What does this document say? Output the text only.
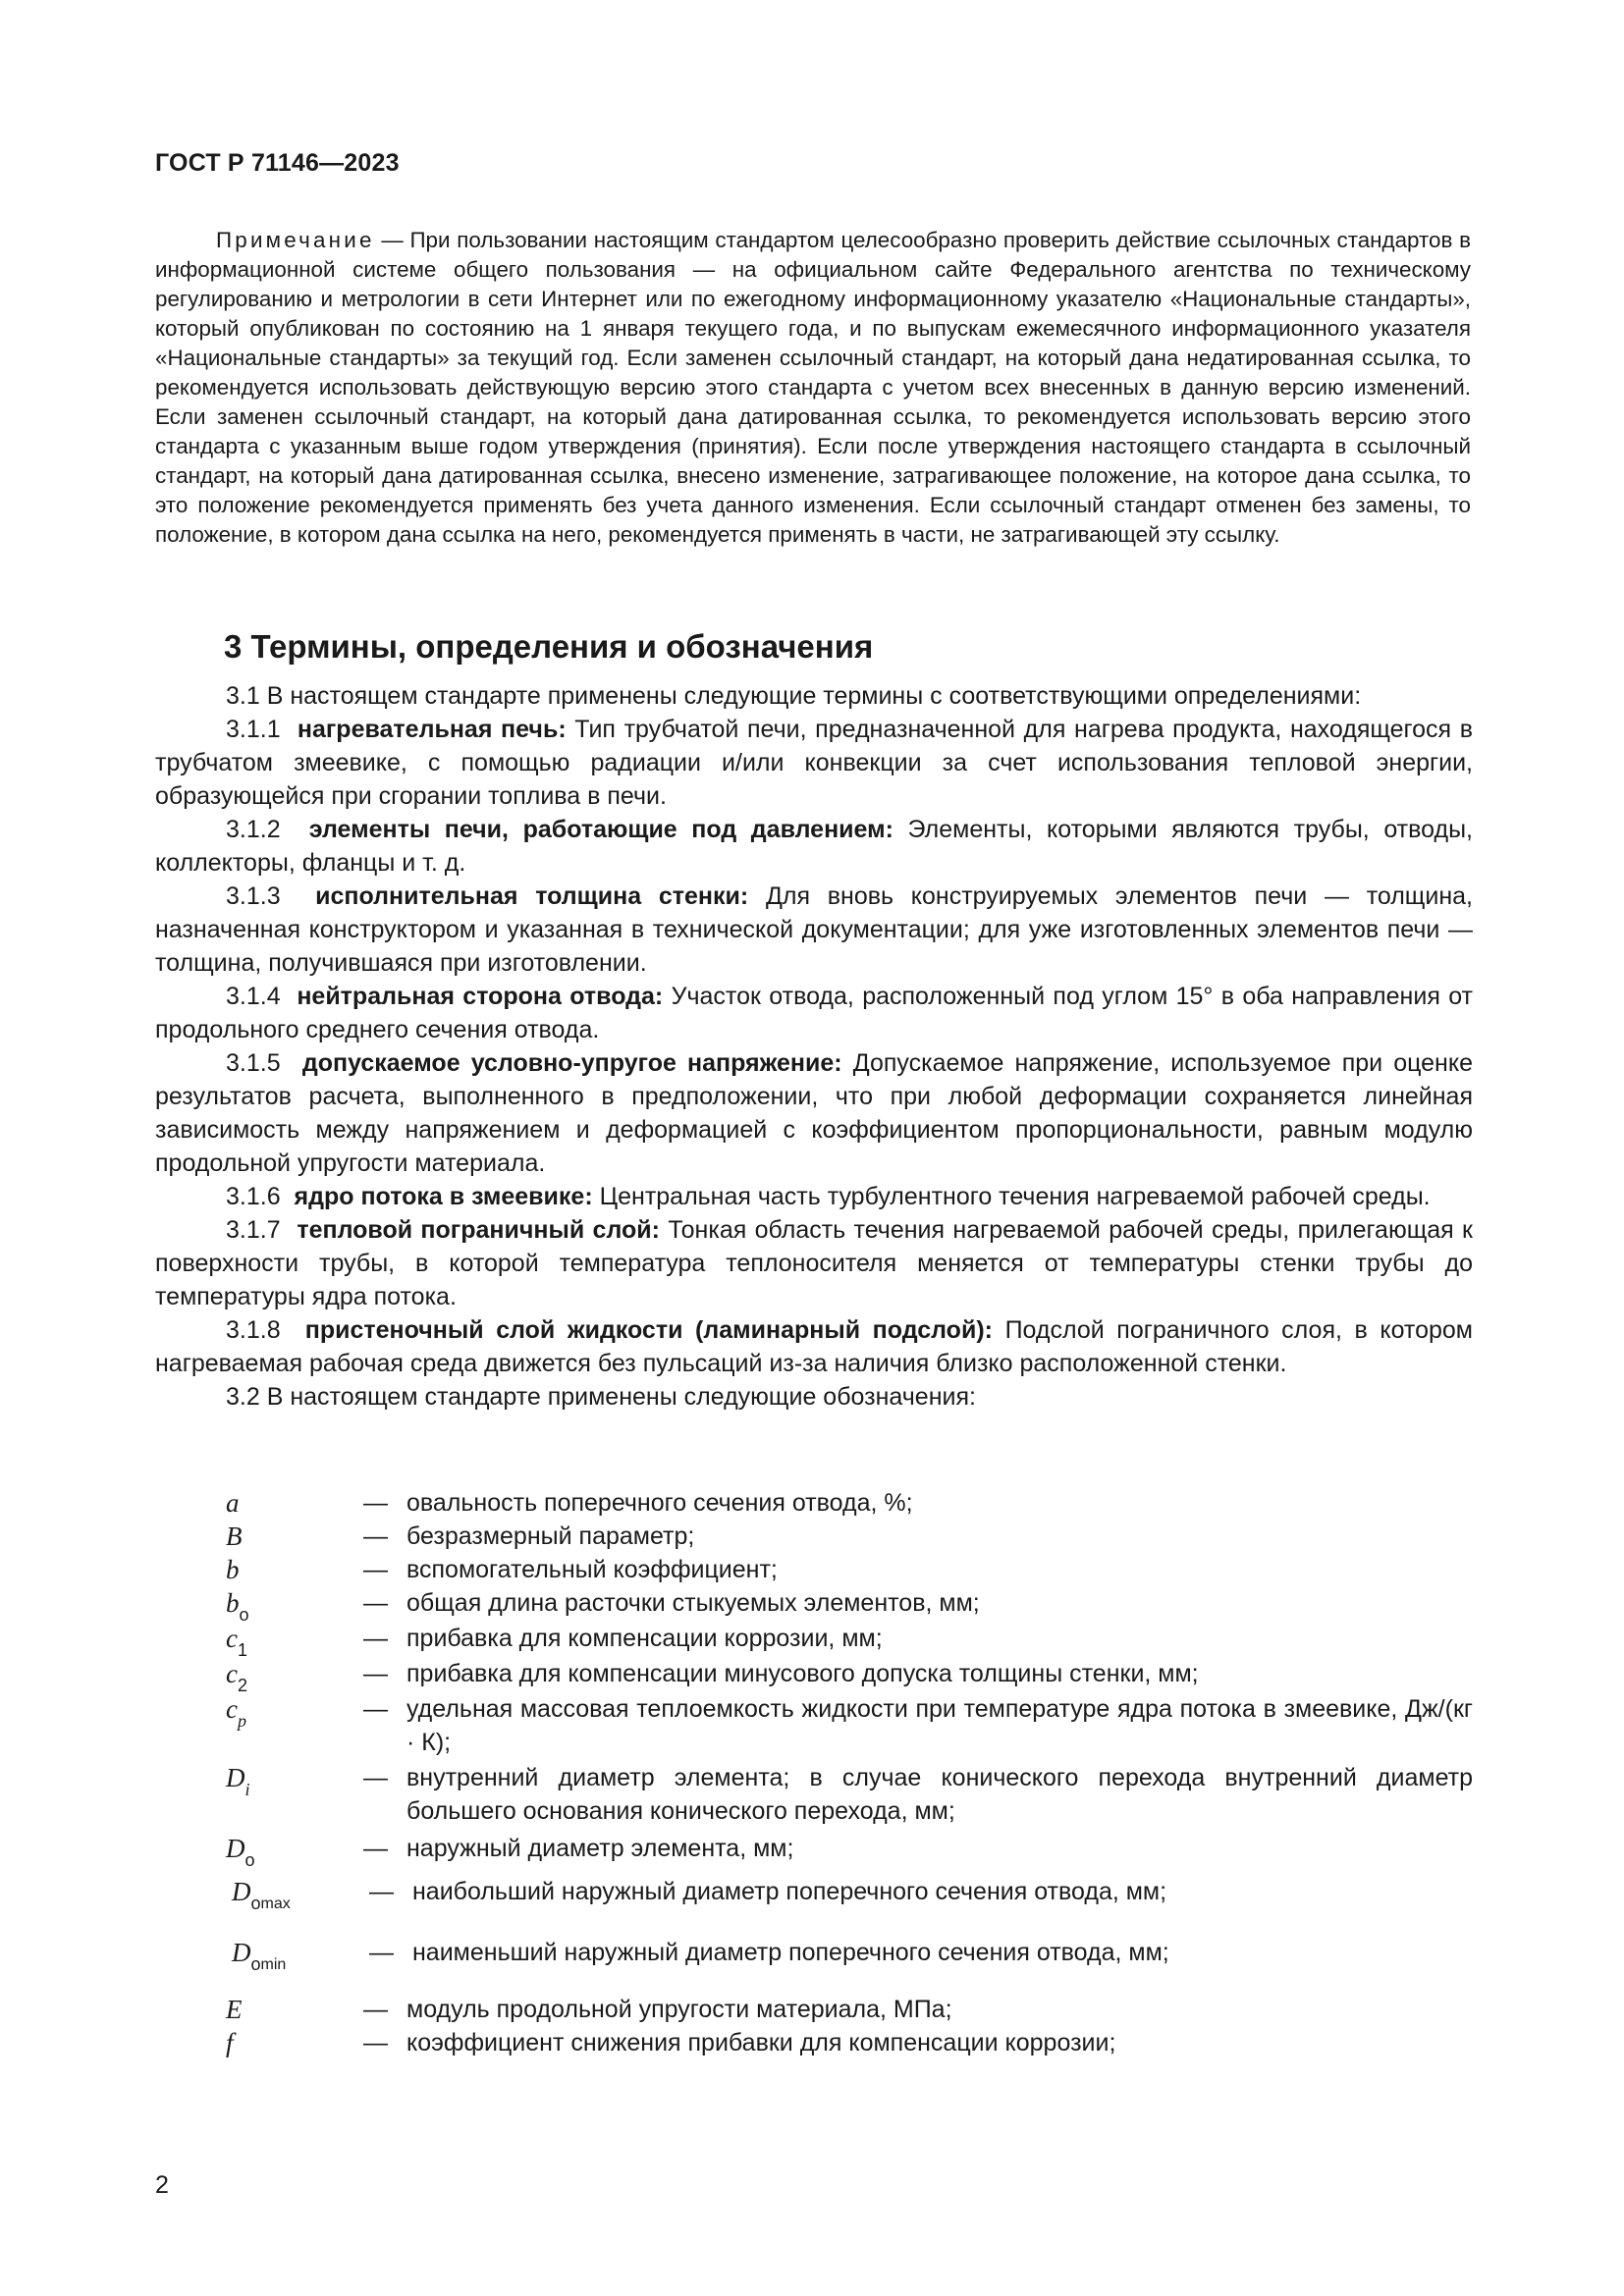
ГОСТ Р 71146—2023

Примечание — При пользовании настоящим стандартом целесообразно проверить действие ссылочных стандартов в информационной системе общего пользования — на официальном сайте Федерального агентства по техническому регулированию и метрологии в сети Интернет или по ежегодному информационному указателю «Национальные стандарты», который опубликован по состоянию на 1 января текущего года, и по выпускам ежемесячного информационного указателя «Национальные стандарты» за текущий год. Если заменен ссылочный стандарт, на который дана недатированная ссылка, то рекомендуется использовать действующую версию этого стандарта с учетом всех внесенных в данную версию изменений. Если заменен ссылочный стандарт, на который дана датированная ссылка, то рекомендуется использовать версию этого стандарта с указанным выше годом утверждения (принятия). Если после утверждения настоящего стандарта в ссылочный стандарт, на который дана датированная ссылка, внесено изменение, затрагивающее положение, на которое дана ссылка, то это положение рекомендуется применять без учета данного изменения. Если ссылочный стандарт отменен без замены, то положение, в котором дана ссылка на него, рекомендуется применять в части, не затрагивающей эту ссылку.

3 Термины, определения и обозначения

3.1 В настоящем стандарте применены следующие термины с соответствующими определениями:

3.1.1 нагревательная печь: Тип трубчатой печи, предназначенной для нагрева продукта, находящегося в трубчатом змеевике, с помощью радиации и/или конвекции за счет использования тепловой энергии, образующейся при сгорании топлива в печи.

3.1.2 элементы печи, работающие под давлением: Элементы, которыми являются трубы, отводы, коллекторы, фланцы и т. д.

3.1.3 исполнительная толщина стенки: Для вновь конструируемых элементов печи — толщина, назначенная конструктором и указанная в технической документации; для уже изготовленных элементов печи — толщина, получившаяся при изготовлении.

3.1.4 нейтральная сторона отвода: Участок отвода, расположенный под углом 15° в оба направления от продольного среднего сечения отвода.

3.1.5 допускаемое условно-упругое напряжение: Допускаемое напряжение, используемое при оценке результатов расчета, выполненного в предположении, что при любой деформации сохраняется линейная зависимость между напряжением и деформацией с коэффициентом пропорциональности, равным модулю продольной упругости материала.

3.1.6 ядро потока в змеевике: Центральная часть турбулентного течения нагреваемой рабочей среды.

3.1.7 тепловой пограничный слой: Тонкая область течения нагреваемой рабочей среды, прилегающая к поверхности трубы, в которой температура теплоносителя меняется от температуры стенки трубы до температуры ядра потока.

3.1.8 пристеночный слой жидкости (ламинарный подслой): Подслой пограничного слоя, в котором нагреваемая рабочая среда движется без пульсаций из-за наличия близко расположенной стенки.

3.2 В настоящем стандарте применены следующие обозначения:

a	— овальность поперечного сечения отвода, %;
B	— безразмерный параметр;
b	— вспомогательный коэффициент;
$b_о$	— общая длина расточки стыкуемых элементов, мм;
$c_1$	— прибавка для компенсации коррозии, мм;
$c_2$	— прибавка для компенсации минусового допуска толщины стенки, мм;
$c_p$	— удельная массовая теплоемкость жидкости при температуре ядра потока в змеевике, Дж/(кг · К);
$D_i$	— внутренний диаметр элемента; в случае конического перехода внутренний диаметр большего основания конического перехода, мм;
$D_о$	— наружный диаметр элемента, мм;
$D_{оmax}$	— наибольший наружный диаметр поперечного сечения отвода, мм;
$D_{оmin}$	— наименьший наружный диаметр поперечного сечения отвода, мм;
E	— модуль продольной упругости материала, МПа;
f	— коэффициент снижения прибавки для компенсации коррозии;
2
